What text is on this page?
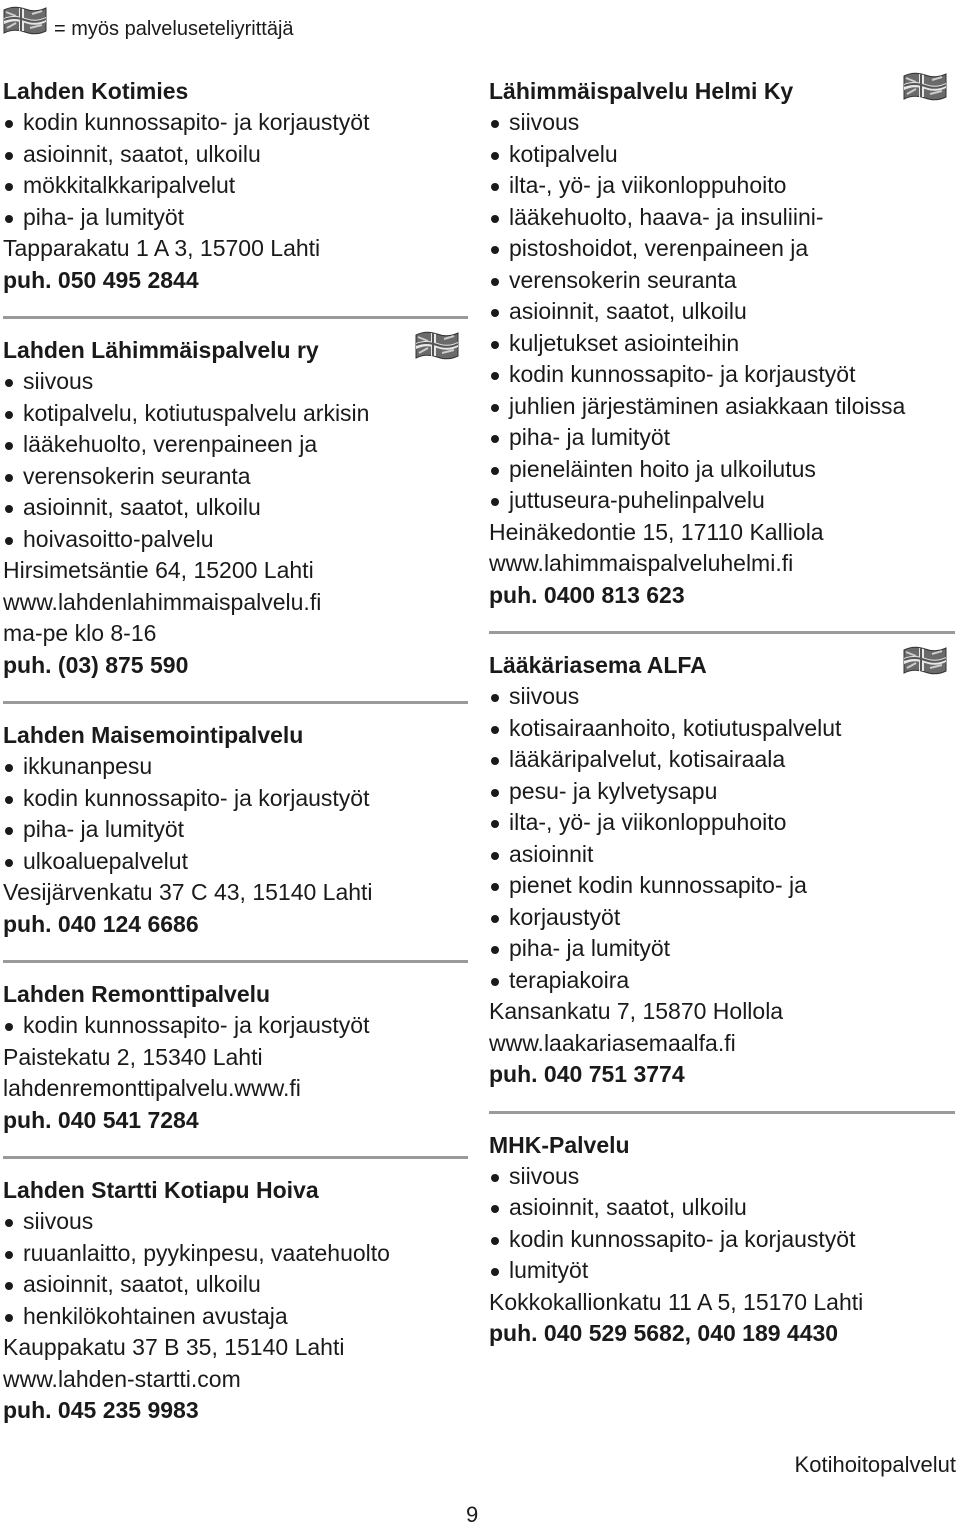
= myös palveluseteliyrittäjä
Lahden Kotimies
kodin kunnossapito- ja korjaustyöt
asioinnit, saatot, ulkoilu
mökkitalkkaripalvelut
piha- ja lumityöt
Tapparakatu 1 A 3, 15700 Lahti
puh. 050 495 2844
Lahden Lähimmäispalvelu ry
siivous
kotipalvelu, kotiutuspalvelu arkisin
lääkehuolto, verenpaineen ja
verensokerin seuranta
asioinnit, saatot, ulkoilu
hoivasoitto-palvelu
Hirsimetsäntie 64, 15200 Lahti
www.lahdenlahimmaispalvelu.fi
ma-pe klo 8-16
puh. (03) 875 590
Lahden Maisemointipalvelu
ikkunanpesu
kodin kunnossapito- ja korjaustyöt
piha- ja lumityöt
ulkoaluepalvelut
Vesijärvenkatu 37 C 43, 15140 Lahti
puh. 040 124 6686
Lahden Remonttipalvelu
kodin kunnossapito- ja korjaustyöt
Paistekatu 2, 15340 Lahti
lahdenremonttipalvelu.www.fi
puh. 040 541 7284
Lahden Startti Kotiapu Hoiva
siivous
ruuanlaitto, pyykinpesu, vaatehuolto
asioinnit, saatot, ulkoilu
henkilökohtainen avustaja
Kauppakatu 37 B 35, 15140 Lahti
www.lahden-startti.com
puh. 045 235 9983
Lähimmäispalvelu Helmi Ky
siivous
kotipalvelu
ilta-, yö- ja viikonloppuhoito
lääkehuolto, haava- ja insuliini-
pistoshoidot, verenpaineen ja
verensokerin seuranta
asioinnit, saatot, ulkoilu
kuljetukset asiointeihin
kodin kunnossapito- ja korjaustyöt
juhlien järjestäminen asiakkaan tiloissa
piha- ja lumityöt
pieneläinten hoito ja ulkoilutus
juttuseura-puhelinpalvelu
Heinäkedontie 15, 17110 Kalliola
www.lahimmaispalveluhelmi.fi
puh. 0400 813 623
Lääkäriasema ALFA
siivous
kotisairaanhoito, kotiutuspalvelut
lääkäripalvelut, kotisairaala
pesu- ja kylvetysapu
ilta-, yö- ja viikonloppuhoito
asioinnit
pienet kodin kunnossapito- ja
korjaustyöt
piha- ja lumityöt
terapiakoira
Kansankatu 7, 15870 Hollola
www.laakariasemaalfa.fi
puh. 040 751 3774
MHK-Palvelu
siivous
asioinnit, saatot, ulkoilu
kodin kunnossapito- ja korjaustyöt
lumityöt
Kokkokallionkatu 11 A 5, 15170 Lahti
puh. 040 529 5682, 040 189 4430
Kotihoitopalvelut
9
